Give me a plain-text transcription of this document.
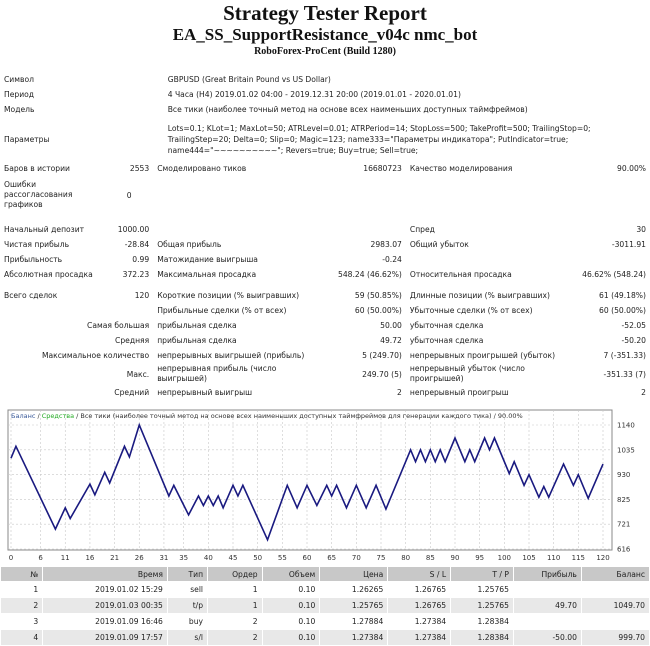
Strategy Tester Report
EA_SS_SupportResistance_v04c nmc_bot
RoboForex-ProCent (Build 1280)
Символ	GBPUSD (Great Britain Pound vs US Dollar)				
Период	4 Часа (H4) 2019.01.02 04:00 - 2019.12.31 20:00 (2019.01.01 - 2020.01.01)				
Модель	Все тики (наиболее точный метод на основе всех наименьших доступных таймфреймов)				
Параметры	Lots=0.1; KLot=1; MaxLot=50; ATRLevel=0.01; ATRPeriod=14; StopLoss=500; TakeProfit=500; TrailingStop=0; TrailingStep=20; Delta=0; Slip=0; Magic=123; name333="Параметры индикатора"; PutIndicator=true; name444="~~~~~~~~~~"; Revers=true; Buy=true; Sell=true;				
Баров в истории	2553	Смоделировано тиков	16680723	Качество моделирования	90.00%
Ошибки рассогласования графиков	0				

Начальный депозит	1000.00			Спред	30
Чистая прибыль	-28.84	Общая прибыль	2983.07	Общий убыток	-3011.91
Прибыльность	0.99	Матожидание выигрыша	-0.24		
Абсолютная просадка	372.23	Максимальная просадка	548.24 (46.62%)	Относительная просадка	46.62% (548.24)

Всего сделок	120	Короткие позиции (% выигравших)	59 (50.85%)	Длинные позиции (% выигравших)	61 (49.18%)
		Прибыльные сделки (% от всех)	60 (50.00%)	Убыточные сделки (% от всех)	60 (50.00%)
Самая большая		прибыльная сделка	50.00	убыточная сделка	-52.05
Средняя		прибыльная сделка	49.72	убыточная сделка	-50.20
Максимальное количество		непрерывных выигрышей (прибыль)	5 (249.70)	непрерывных проигрышей (убыток)	7 (-351.33)
Макс.		непрерывная прибыль (число выигрышей)	249.70 (5)	непрерывный убыток (число проигрышей)	-351.33 (7)
Средний		непрерывный выигрыш	2	непрерывный проигрыш	2
Баланс / Средства / Все тики (наиболее точный метод на основе всех наименьших доступных таймфреймов для генерации каждого тика) / 90.00%
0	6	11 16 21 26 31 35 40 45 50 55 60 65 70 75 80 85 90 95 100 105 110 115 120
1140
1035
930
825
721
616
№	Время	Тип	Ордер	Объем	Цена	S / L	T / P	Прибыль	Баланс
1	2019.01.02 15:29	sell	1	0.10	1.26265	1.26765	1.25765		
2	2019.01.03 00:35	t/p	1	0.10	1.25765	1.26765	1.25765	49.70	1049.70
3	2019.01.09 16:46	buy	2	0.10	1.27884	1.27384	1.28384		
4	2019.01.09 17:57	s/l	2	0.10	1.27384	1.27384	1.28384	-50.00	999.70
